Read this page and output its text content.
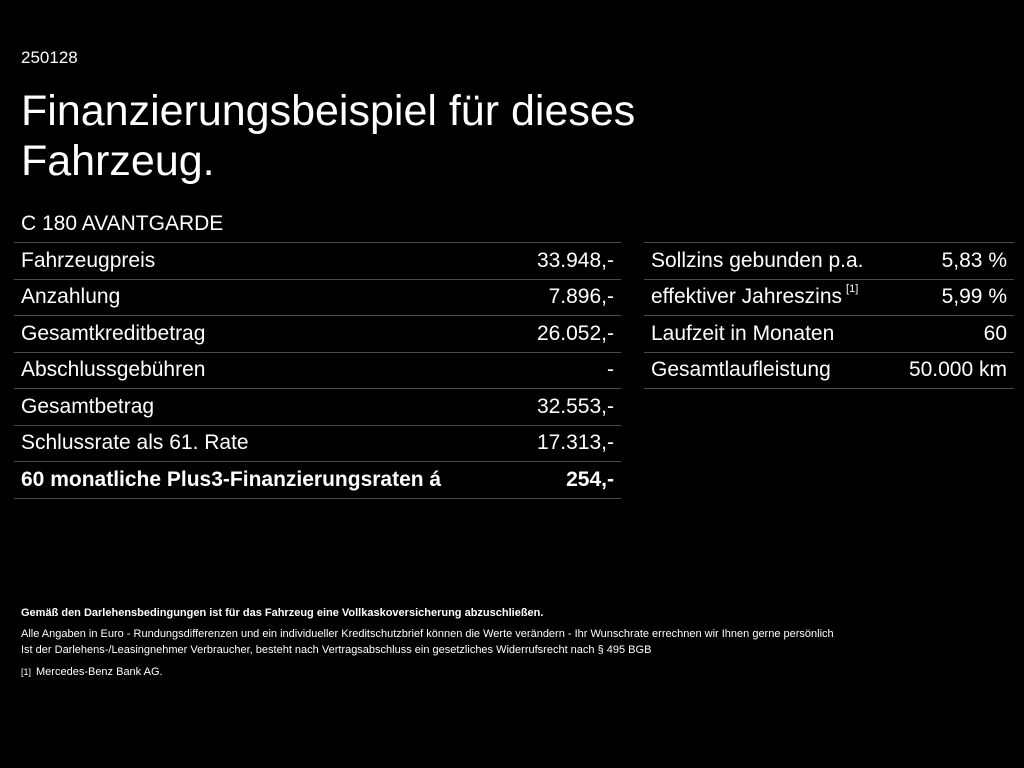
250128
Finanzierungsbeispiel für dieses Fahrzeug.
C 180 AVANTGARDE
Fahrzeugpreis	33.948,-
Anzahlung	7.896,-
Gesamtkreditbetrag	26.052,-
Abschlussgebühren	-
Gesamtbetrag	32.553,-
Schlussrate als 61. Rate	17.313,-
60 monatliche Plus3-Finanzierungsraten á	254,-
Sollzins gebunden p.a.	5,83 %
effektiver Jahreszins [1]	5,99 %
Laufzeit in Monaten	60
Gesamtlaufleistung	50.000 km
Gemäß den Darlehensbedingungen ist für das Fahrzeug eine Vollkaskoversicherung abzuschließen.
Alle Angaben in Euro - Rundungsdifferenzen und ein individueller Kreditschutzbrief können die Werte verändern - Ihr Wunschrate errechnen wir Ihnen gerne persönlich
Ist der Darlehens-/Leasingnehmer Verbraucher, besteht nach Vertragsabschluss ein gesetzliches Widerrufsrecht nach § 495 BGB
[1] Mercedes-Benz Bank AG.
